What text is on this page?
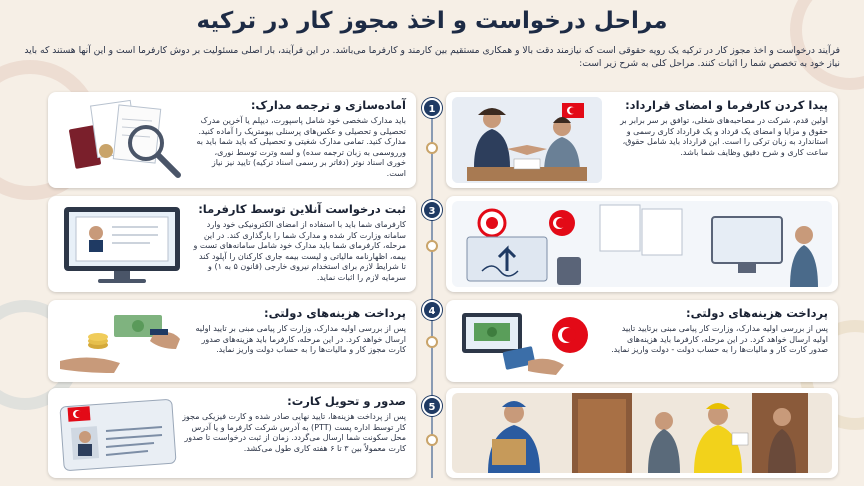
مراحل درخواست و اخذ مجوز کار در ترکیه
فرآیند درخواست و اخذ مجوز کار در ترکیه یک رویه حقوقی است که نیازمند دقت بالا و همکاری مستقیم بین کارمند و کارفرما می‌باشد. در این فرآیند، بار اصلی مسئولیت بر دوش کارفرما است و این آنها هستند که باید نیاز خود به تخصص شما را اثبات کنند. مراحل کلی به شرح زیر است:
1
3
4
5
پیدا کردن کارفرما و امضای قرارداد:
اولین قدم، شرکت در مصاحبه‌های شغلی، توافق بر سر برابر بر حقوق و مزایا و امضای یک قرداد و یک قرارداد کاری رسمی و استاندارد به زبان ترکی را است. این قرارداد باید شامل حقوق، ساعت کاری و شرح دقیق وظایف شما باشد.
آماده‌سازی و ترجمه مدارک:
باید مدارک شخصی خود شامل پاسپورت، دیپلم یا آخرین مدرک تحصیلی و تحصیلی و عکس‌های پرسنلی بیومتریک را آماده کنید. مدارک کنید. تمامی مدارک شغیتی و تحصیلی که باید شما باید به ورروسمی به زبان ترجمه سده) و لسه وترت توسط نوری، خوری اسناد نوتر (دفاتر بر رسمی اسناد ترکیه) تایید نیز نیاز است.
ثبت درخواست آنلاین توسط کارفرما:
کارفرمای شما باید با استفاده از امضای الکترونیکی خود وارد سامانه وزارت کار شده و مدارک شما را بارگذاری کند. در این مرحله، کارفرمای شما باید مدارک خود شامل سامانه‌های تست و بیمه، اظهارنامه مالیاتی و لیست بیمه جاری کارکنان را آپلود کند تا شرایط لازم برای استخدام نیروی خارجی (قانون ۵ به ۱) و سرمایه لازم را اثبات نماید.
پرداخت هزینه‌های دولتی:
پس از بررسی اولیه مدارک، وزارت کار پیامی مبنی برتایید تایید اولیه ارسال خواهد کرد. در این مرحله، کارفرما باید هزینه‌های صدور کارت کار و مالیات‌ها را به حساب دولت - دولت واریز نماید.
پرداخت هزینه‌های دولتی:
پس از بررسی اولیه مدارک، وزارت کار پیامی مبنی بر تایید اولیه ارسال خواهد کرد. در این مرحله، کارفرما باید هزینه‌های صدور کارت مجوز کار و مالیات‌ها را به حساب دولت واریز نماید.
صدور و تحویل کارت:
پس از پرداخت هزینه‌ها، تایید نهایی صادر شده و کارت فیزیکی مجوز کار توسط اداره پست (PTT) به آدرس شرکت کارفرما و یا آدرس محل سکونت شما ارسال می‌گردد. زمان از ثبت درخواست تا صدور کارت معمولاً بین ۳ تا ۶ هفته کاری طول می‌کشد.
